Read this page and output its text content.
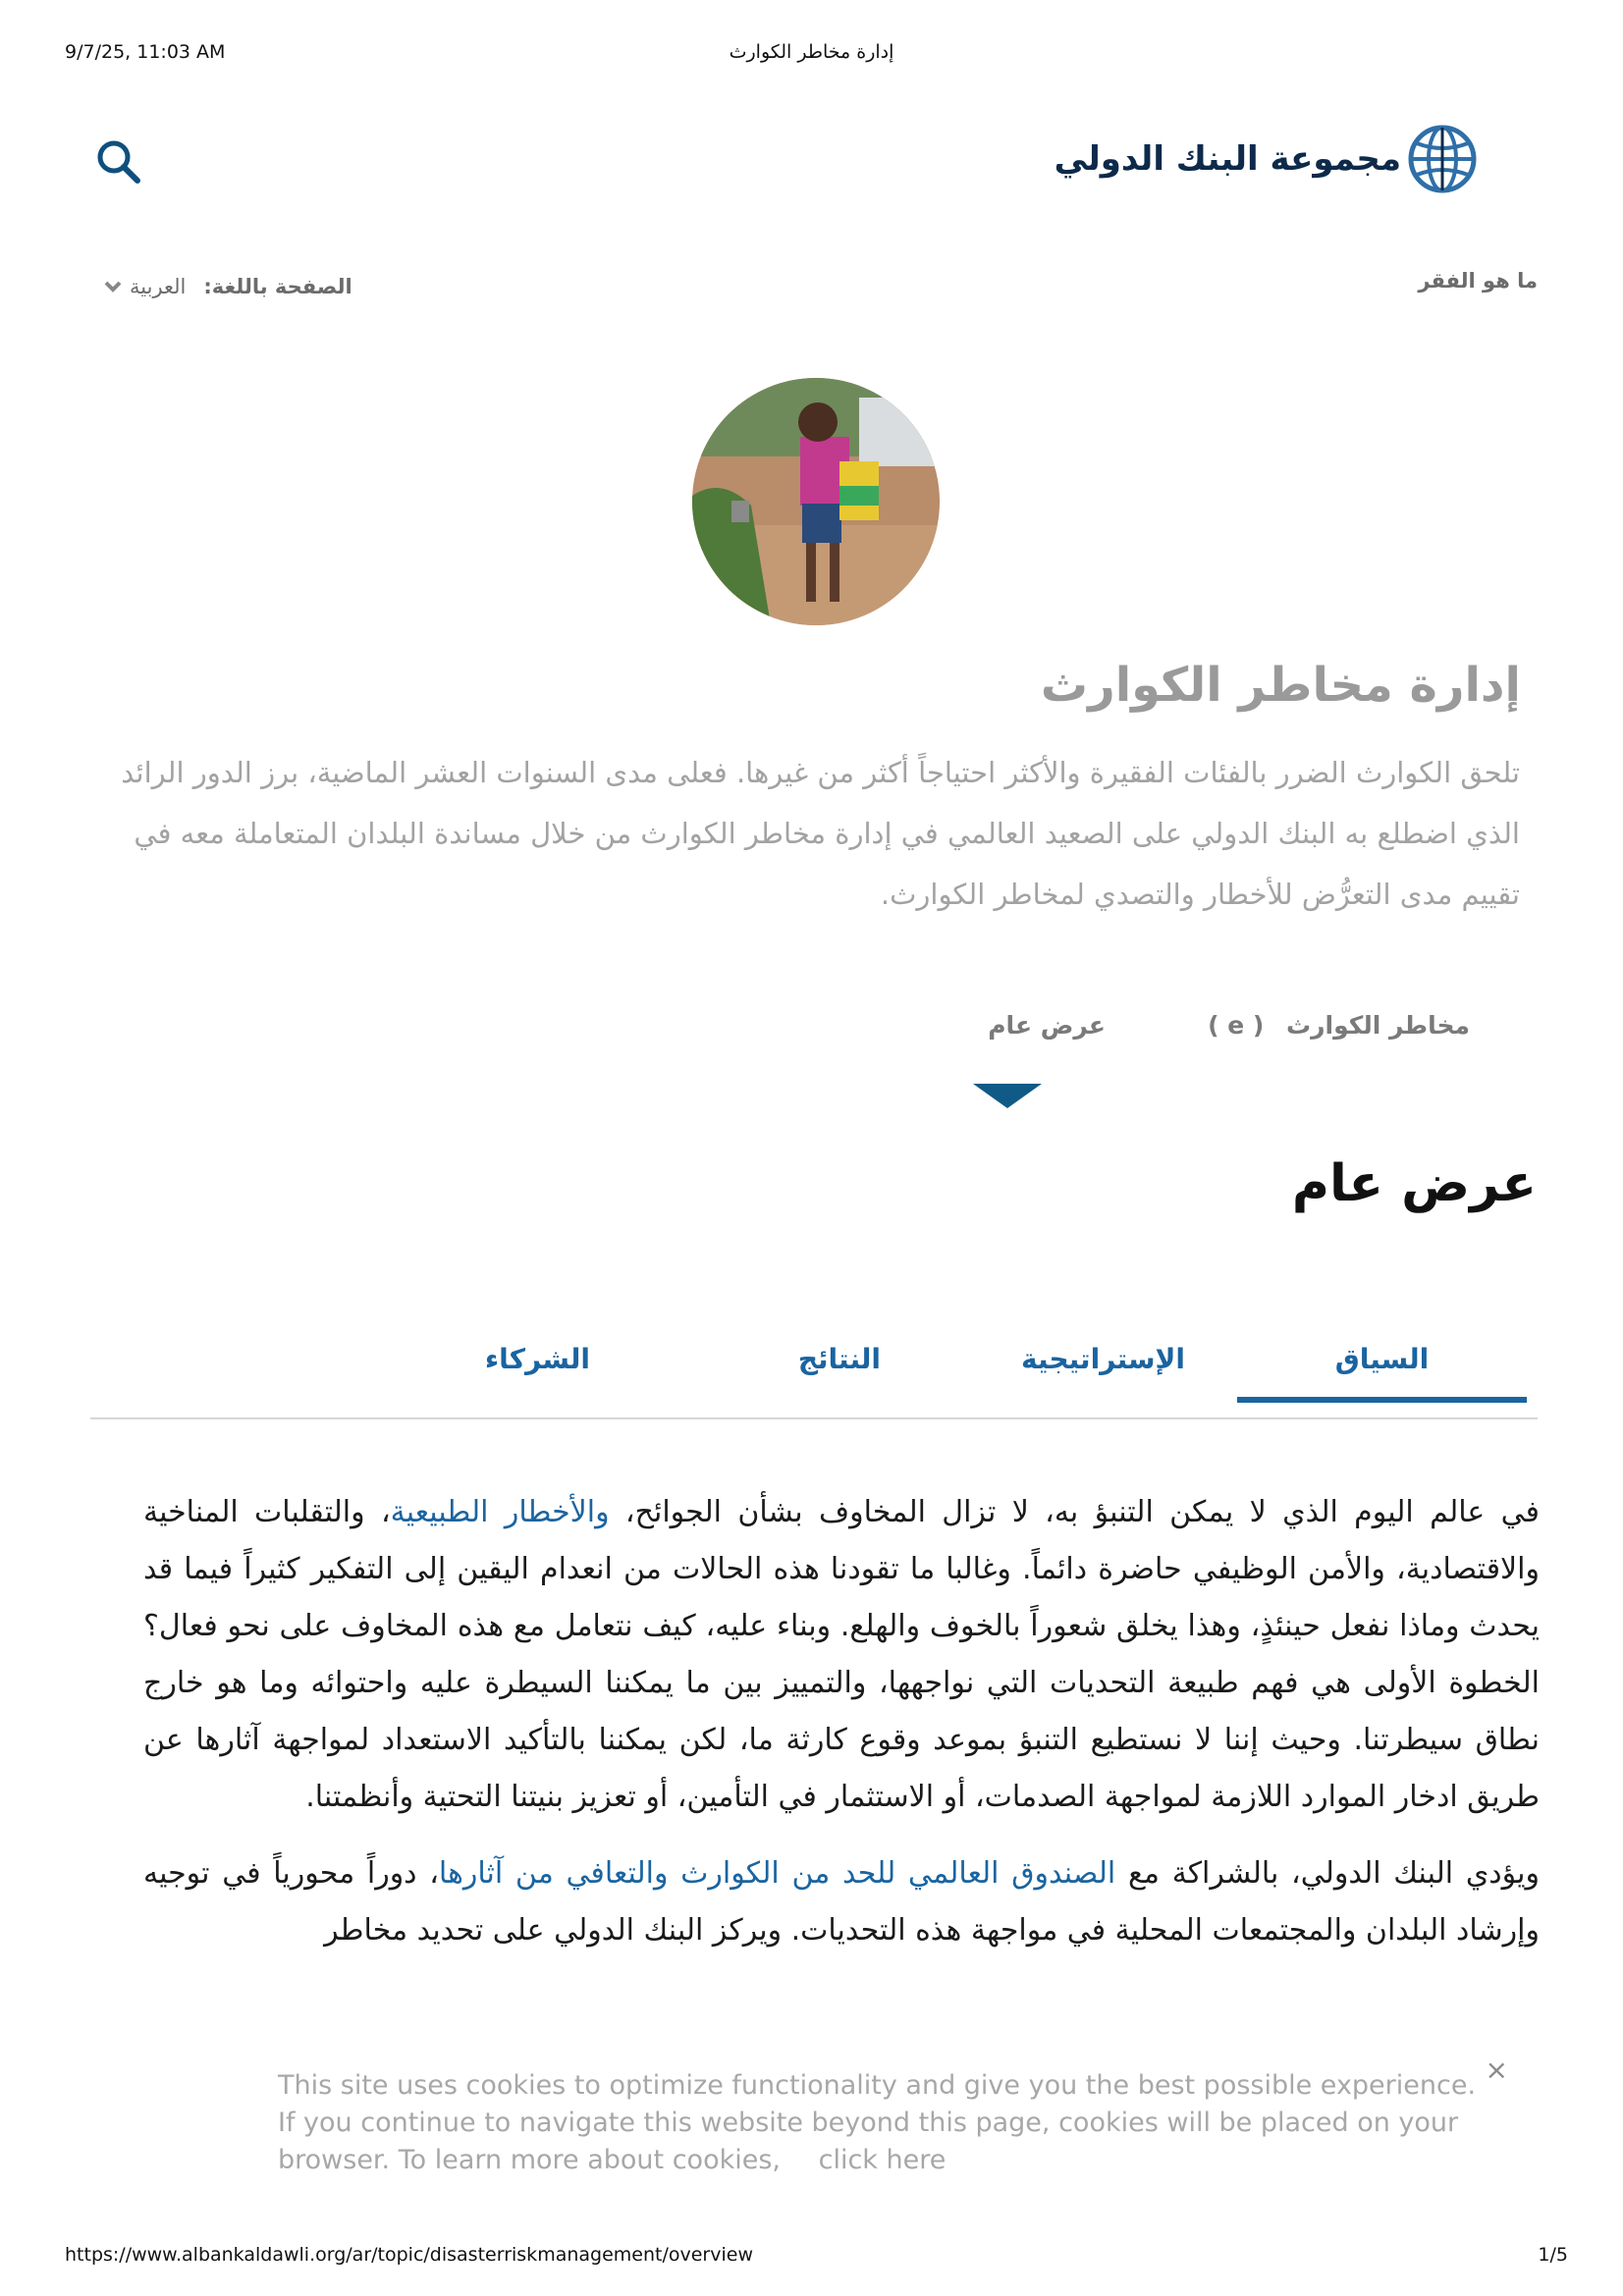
9/7/25, 11:03 AM	إدارة مخاطر الكوارث
مجموعة البنك الدولي
ما هو الفقر
الصفحة باللغة:
العربية
إدارة مخاطر الكوارث
تلحق الكوارث الضرر بالفئات الفقيرة والأكثر احتياجاً أكثر من غيرها. فعلى مدى السنوات العشر الماضية، برز الدور الرائد الذي اضطلع به البنك الدولي على الصعيد العالمي في إدارة مخاطر الكوارث من خلال مساندة البلدان المتعاملة معه في تقييم مدى التعرُّض للأخطار والتصدي لمخاطر الكوارث.
مخاطر الكوارث ( e )
عرض عام
عرض عام
السياق
الإستراتيجية
النتائج
الشركاء

في عالم اليوم الذي لا يمكن التنبؤ به، لا تزال المخاوف بشأن الجوائح، والأخطار الطبيعية، والتقلبات المناخية والاقتصادية، والأمن الوظيفي حاضرة دائماً. وغالبا ما تقودنا هذه الحالات من انعدام اليقين إلى التفكير كثيراً فيما قد يحدث وماذا نفعل حينئذٍ، وهذا يخلق شعوراً بالخوف والهلع. وبناء عليه، كيف نتعامل مع هذه المخاوف على نحو فعال؟ الخطوة الأولى هي فهم طبيعة التحديات التي نواجهها، والتمييز بين ما يمكننا السيطرة عليه واحتوائه وما هو خارج نطاق سيطرتنا. وحيث إننا لا نستطيع التنبؤ بموعد وقوع كارثة ما، لكن يمكننا بالتأكيد الاستعداد لمواجهة آثارها عن طريق ادخار الموارد اللازمة لمواجهة الصدمات، أو الاستثمار في التأمين، أو تعزيز بنيتنا التحتية وأنظمتنا.

ويؤدي البنك الدولي، بالشراكة مع الصندوق العالمي للحد من الكوارث والتعافي من آثارها، دوراً محورياً في توجيه وإرشاد البلدان والمجتمعات المحلية في مواجهة هذه التحديات. ويركز البنك الدولي على تحديد مخاطر

This site uses cookies to optimize functionality and give you the best possible experience. If you continue to navigate this website beyond this page, cookies will be placed on your browser. To learn more about cookies, click here
×
https://www.albankaldawli.org/ar/topic/disasterriskmanagement/overview	1/5
